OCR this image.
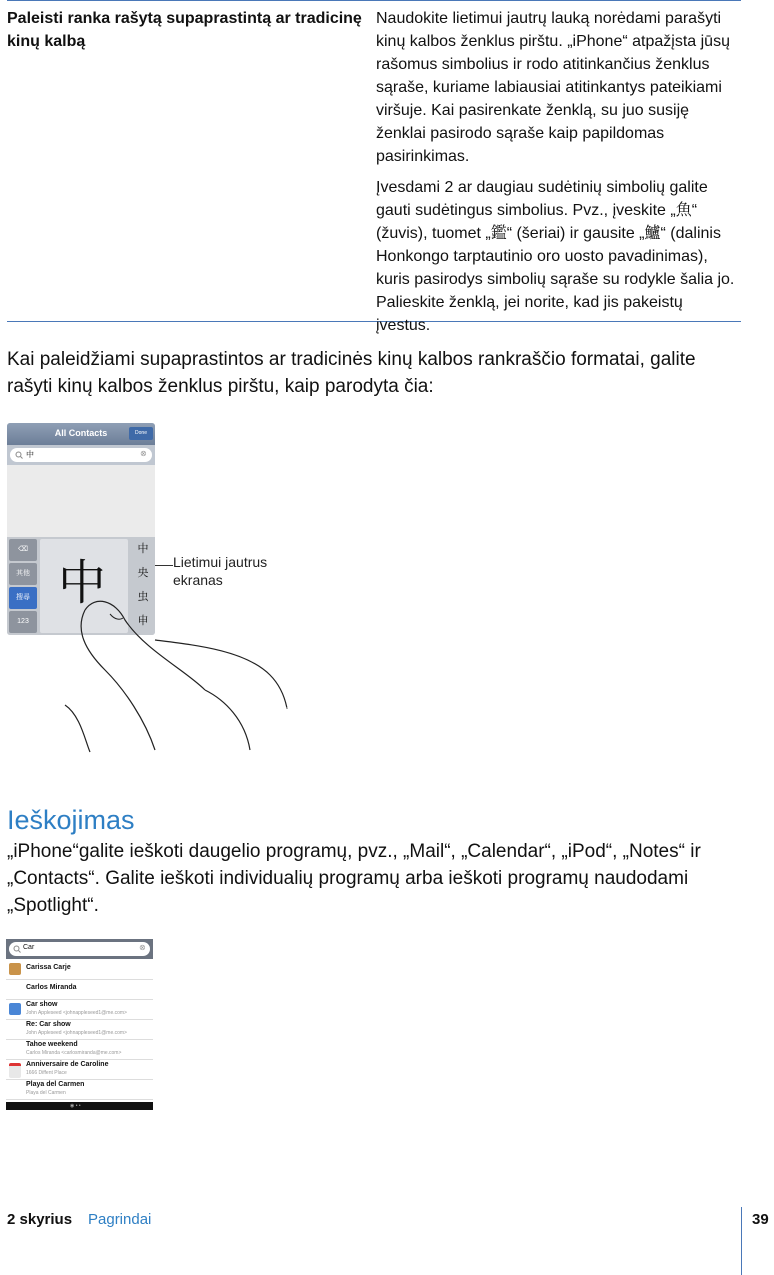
Paleisti ranka rašytą supaprastintą ar tradicinę kinų kalbą

Naudokite lietimui jautrų lauką norėdami parašyti kinų kalbos ženklus pirštu. „iPhone“ atpažįsta jūsų rašomus simbolius ir rodo atitinkančius ženklus sąraše, kuriame labiausiai atitinkantys pateikiami viršuje. Kai pasirenkate ženklą, su juo susiję ženklai pasirodo sąraše kaip papildomas pasirinkimas.

Įvesdami 2 ar daugiau sudėtinių simbolių galite gauti sudėtingus simbolius. Pvz., įveskite „魚“ (žuvis), tuomet „鑑“ (šeriai) ir gausite „鱸“ (dalinis Honkongo tarptautinio oro uosto pavadinimas), kuris pasirodys simbolių sąraše su rodykle šalia jo. Palieskite ženklą, jei norite, kad jis pakeistų įvestus.

Kai paleidžiami supaprastintos ar tradicinės kinų kalbos rankraščio formatai, galite rašyti kinų kalbos ženklus pirštu, kaip parodyta čia:
All Contacts	Done
中	⊗
⌫
其他
搜尋
123
中
中
央
虫
申
Lietimui jautrus ekranas
Ieškojimas
„iPhone“galite ieškoti daugelio programų, pvz., „Mail“, „Calendar“, „iPod“, „Notes“ ir „Contacts“. Galite ieškoti individualių programų arba ieškoti programų naudodami „Spotlight“.
Car	⊗
Carissa Carje
Carlos Miranda
Car show
John Appleseed <johnappleseed1@me.com>
Re: Car show
John Appleseed <johnappleseed1@me.com>
Tahoe weekend
Carlos Miranda <carlosmiranda@me.com>
Anniversaire de Caroline
1666 Diffent Place
Playa del Carmen
Playa del Carmen
◉ • •
2 skyrius Pagrindai	39
